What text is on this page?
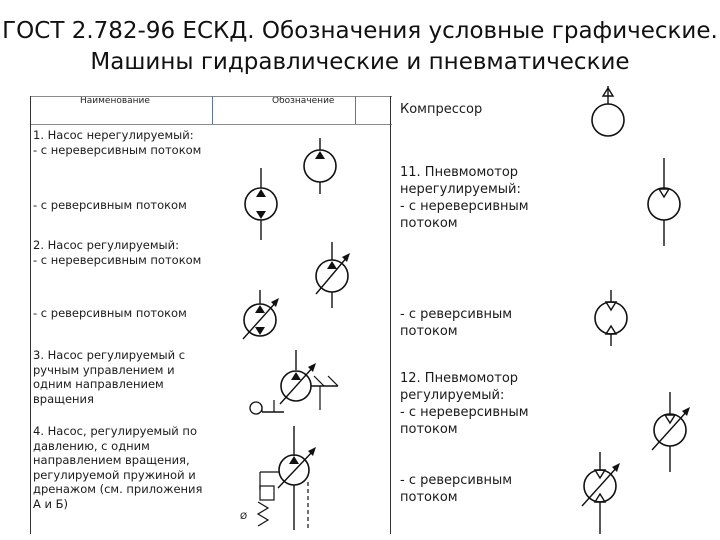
ГОСТ 2.782-96 ЕСКД. Обозначения условные графические.
Машины гидравлические и пневматические
Наименование	Обозначение
1. Насос нерегулируемый:
- с нереверсивным потоком
- с реверсивным потоком
2. Насос регулируемый:
- с нереверсивным потоком
- с реверсивным потоком
3. Насос регулируемый с
ручным управлением и
одним направлением
вращения
4. Насос, регулируемый по
давлению, с одним
направлением вращения,
регулируемой пружиной и
дренажом (см. приложения
А и Б)
Компрессор
11. Пневмомотор
нерегулируемый:
- с нереверсивным
потоком
- с реверсивным
потоком
12. Пневмомотор
регулируемый:
- с нереверсивным
потоком
- с реверсивным
потоком
Ø
